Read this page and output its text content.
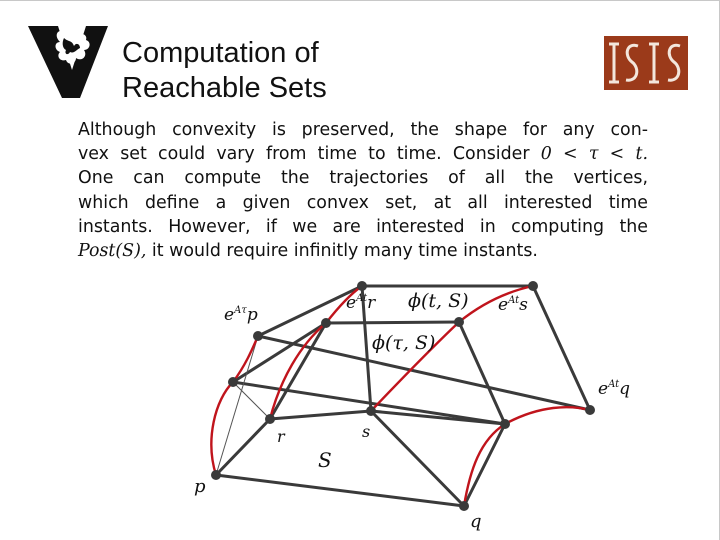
Computation of
Reachable Sets
Although convexity is preserved, the shape for any con-
vex set could vary from time to time. Consider 0 < τ < t.
One can compute the trajectories of all the vertices,
which define a given convex set, at all interested time
instants. However, if we are interested in computing the
Post(S), it would require infinitly many time instants.
$e^{A\tau}p$
$e^{At}r$ ϕ(t, S) $e^{At}s$
ϕ(τ, S)
$e^{At}q$
r	s
S
p
q
